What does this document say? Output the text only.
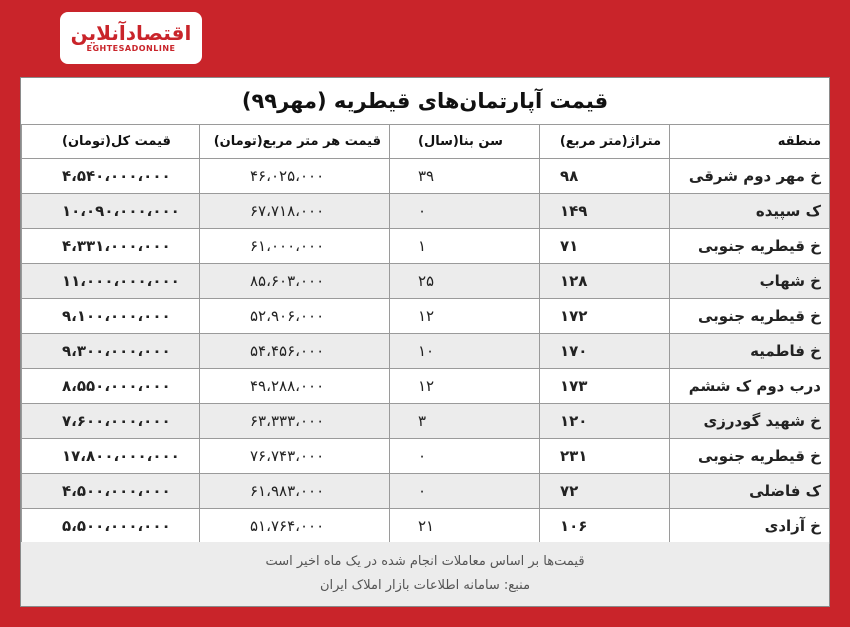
اقتصادآنلاین
EGHTESADONLINE
قیمت آپارتمان‌های قیطریه (مهر۹۹)
منطقه	متراژ(متر مربع)	سن بنا(سال)	قیمت هر متر مربع(تومان)	قیمت کل(تومان)
خ مهر دوم شرقی	۹۸	۳۹	۴۶،۰۲۵،۰۰۰	۴،۵۴۰،۰۰۰،۰۰۰
ک سپیده	۱۴۹	۰	۶۷،۷۱۸،۰۰۰	۱۰،۰۹۰،۰۰۰،۰۰۰
خ قیطریه جنوبی	۷۱	۱	۶۱،۰۰۰،۰۰۰	۴،۳۳۱،۰۰۰،۰۰۰
خ شهاب	۱۲۸	۲۵	۸۵،۶۰۳،۰۰۰	۱۱،۰۰۰،۰۰۰،۰۰۰
خ قیطریه جنوبی	۱۷۲	۱۲	۵۲،۹۰۶،۰۰۰	۹،۱۰۰،۰۰۰،۰۰۰
خ فاطمیه	۱۷۰	۱۰	۵۴،۴۵۶،۰۰۰	۹،۳۰۰،۰۰۰،۰۰۰
درب دوم ک ششم	۱۷۳	۱۲	۴۹،۲۸۸،۰۰۰	۸،۵۵۰،۰۰۰،۰۰۰
خ شهید گودرزی	۱۲۰	۳	۶۳،۳۳۳،۰۰۰	۷،۶۰۰،۰۰۰،۰۰۰
خ قیطریه جنوبی	۲۳۱	۰	۷۶،۷۴۳،۰۰۰	۱۷،۸۰۰،۰۰۰،۰۰۰
ک فاضلی	۷۲	۰	۶۱،۹۸۳،۰۰۰	۴،۵۰۰،۰۰۰،۰۰۰
خ آزادی	۱۰۶	۲۱	۵۱،۷۶۴،۰۰۰	۵،۵۰۰،۰۰۰،۰۰۰
قیمت‌ها بر اساس معاملات انجام شده در یک ماه اخیر است
منبع: سامانه اطلاعات بازار املاک ایران
